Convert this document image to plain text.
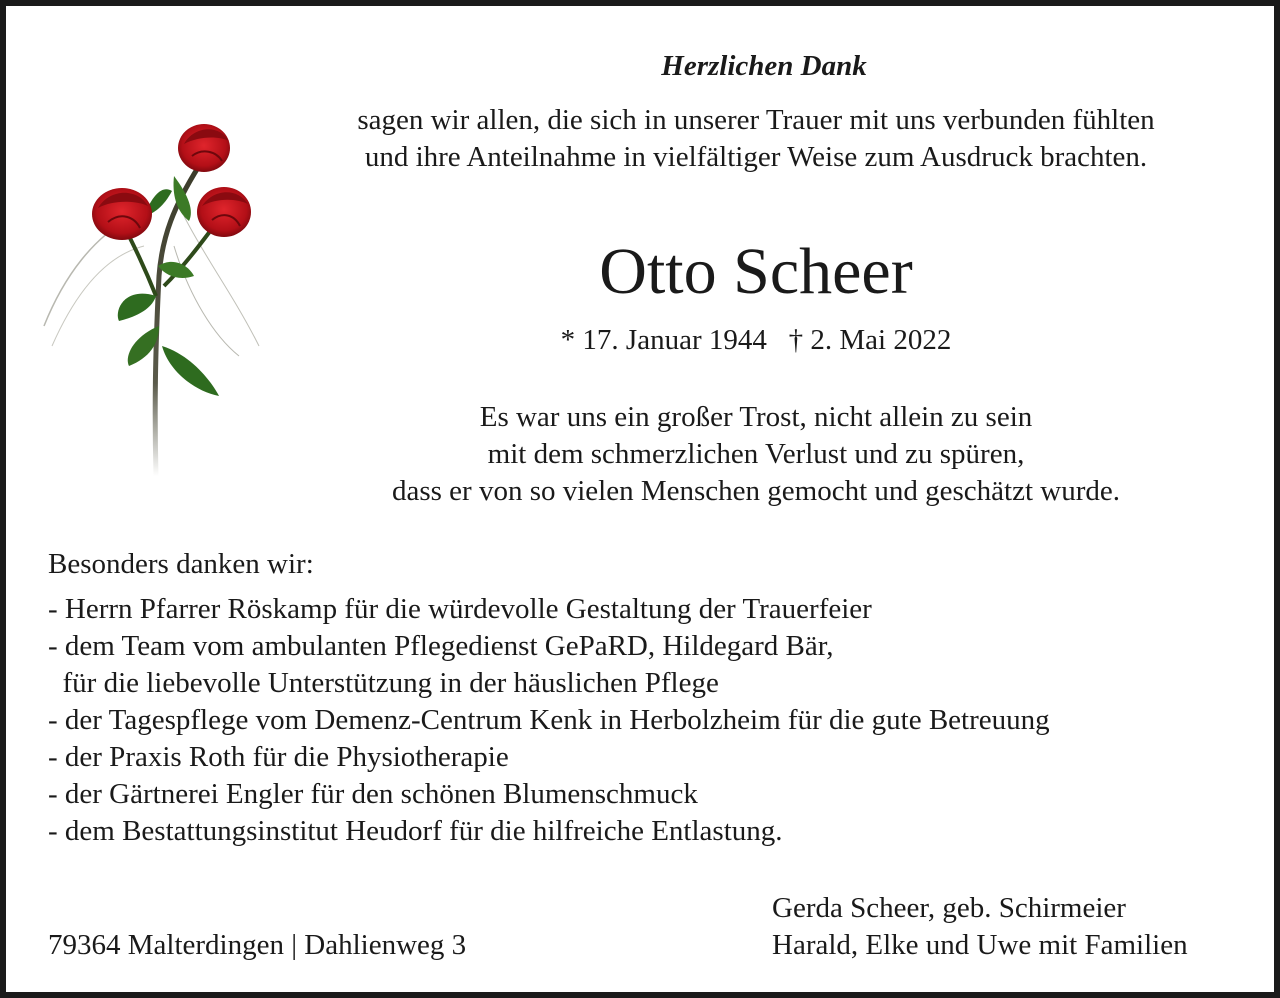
Herzlichen Dank
sagen wir allen, die sich in unserer Trauer mit uns verbunden fühlten
und ihre Anteilnahme in vielfältiger Weise zum Ausdruck brachten.
Otto Scheer
* 17. Januar 1944 † 2. Mai 2022
Es war uns ein großer Trost, nicht allein zu sein
mit dem schmerzlichen Verlust und zu spüren,
dass er von so vielen Menschen gemocht und geschätzt wurde.
Besonders danken wir:
- Herrn Pfarrer Röskamp für die würdevolle Gestaltung der Trauerfeier
- dem Team vom ambulanten Pflegedienst GePaRD, Hildegard Bär,
für die liebevolle Unterstützung in der häuslichen Pflege
- der Tagespflege vom Demenz-Centrum Kenk in Herbolzheim für die gute Betreuung
- der Praxis Roth für die Physiotherapie
- der Gärtnerei Engler für den schönen Blumenschmuck
- dem Bestattungsinstitut Heudorf für die hilfreiche Entlastung.
79364 Malterdingen | Dahlienweg 3
Gerda Scheer, geb. Schirmeier
Harald, Elke und Uwe mit Familien
